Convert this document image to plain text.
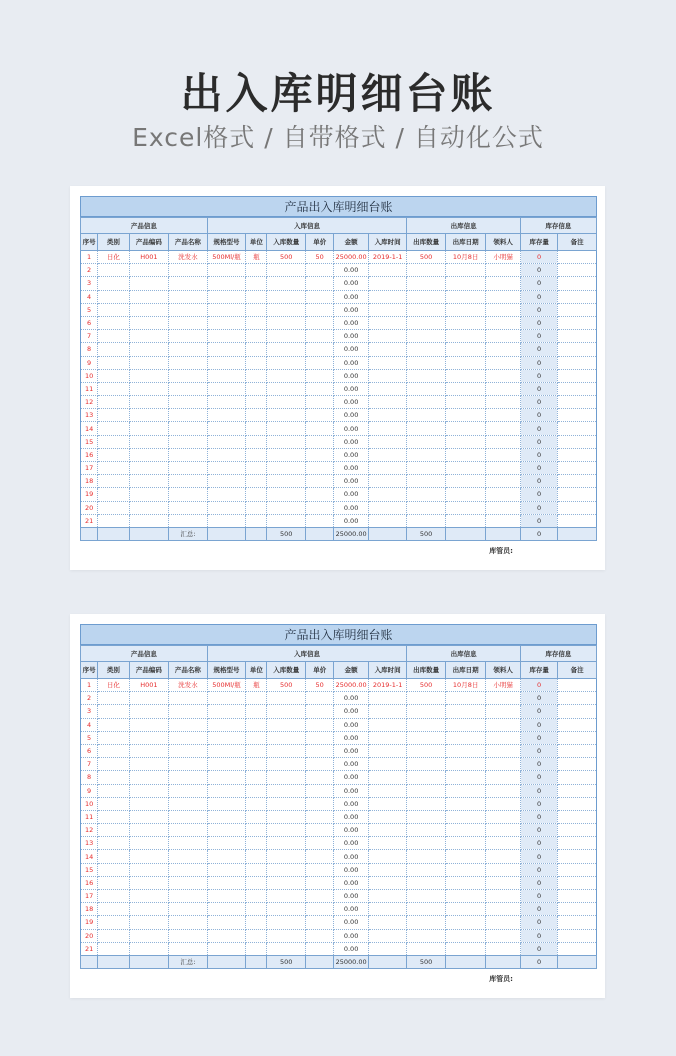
出入库明细台账
Excel格式 / 自带格式 / 自动化公式
产品出入库明细台账
产品信息				入库信息						出库信息			库存信息	
序号	类别	产品编码	产品名称	规格型号	单位	入库数量	单价	金额	入库时间	出库数量	出库日期	领料人	库存量	备注
1	日化	H001	洗发水	500Ml/瓶	瓶	500	50	25000.00	2019-1-1	500	10月8日	小明猫	0	
2								0.00					0	
3								0.00					0	
4								0.00					0	
5								0.00					0	
6								0.00					0	
7								0.00					0	
8								0.00					0	
9								0.00					0	
10								0.00					0	
11								0.00					0	
12								0.00					0	
13								0.00					0	
14								0.00					0	
15								0.00					0	
16								0.00					0	
17								0.00					0	
18								0.00					0	
19								0.00					0	
20								0.00					0	
21								0.00					0	
			汇总:			500		25000.00		500			0	
库管员:
产品出入库明细台账
产品信息				入库信息						出库信息			库存信息	
序号	类别	产品编码	产品名称	规格型号	单位	入库数量	单价	金额	入库时间	出库数量	出库日期	领料人	库存量	备注
1	日化	H001	洗发水	500Ml/瓶	瓶	500	50	25000.00	2019-1-1	500	10月8日	小明猫	0	
2								0.00					0	
3								0.00					0	
4								0.00					0	
5								0.00					0	
6								0.00					0	
7								0.00					0	
8								0.00					0	
9								0.00					0	
10								0.00					0	
11								0.00					0	
12								0.00					0	
13								0.00					0	
14								0.00					0	
15								0.00					0	
16								0.00					0	
17								0.00					0	
18								0.00					0	
19								0.00					0	
20								0.00					0	
21								0.00					0	
			汇总:			500		25000.00		500			0	
库管员:
